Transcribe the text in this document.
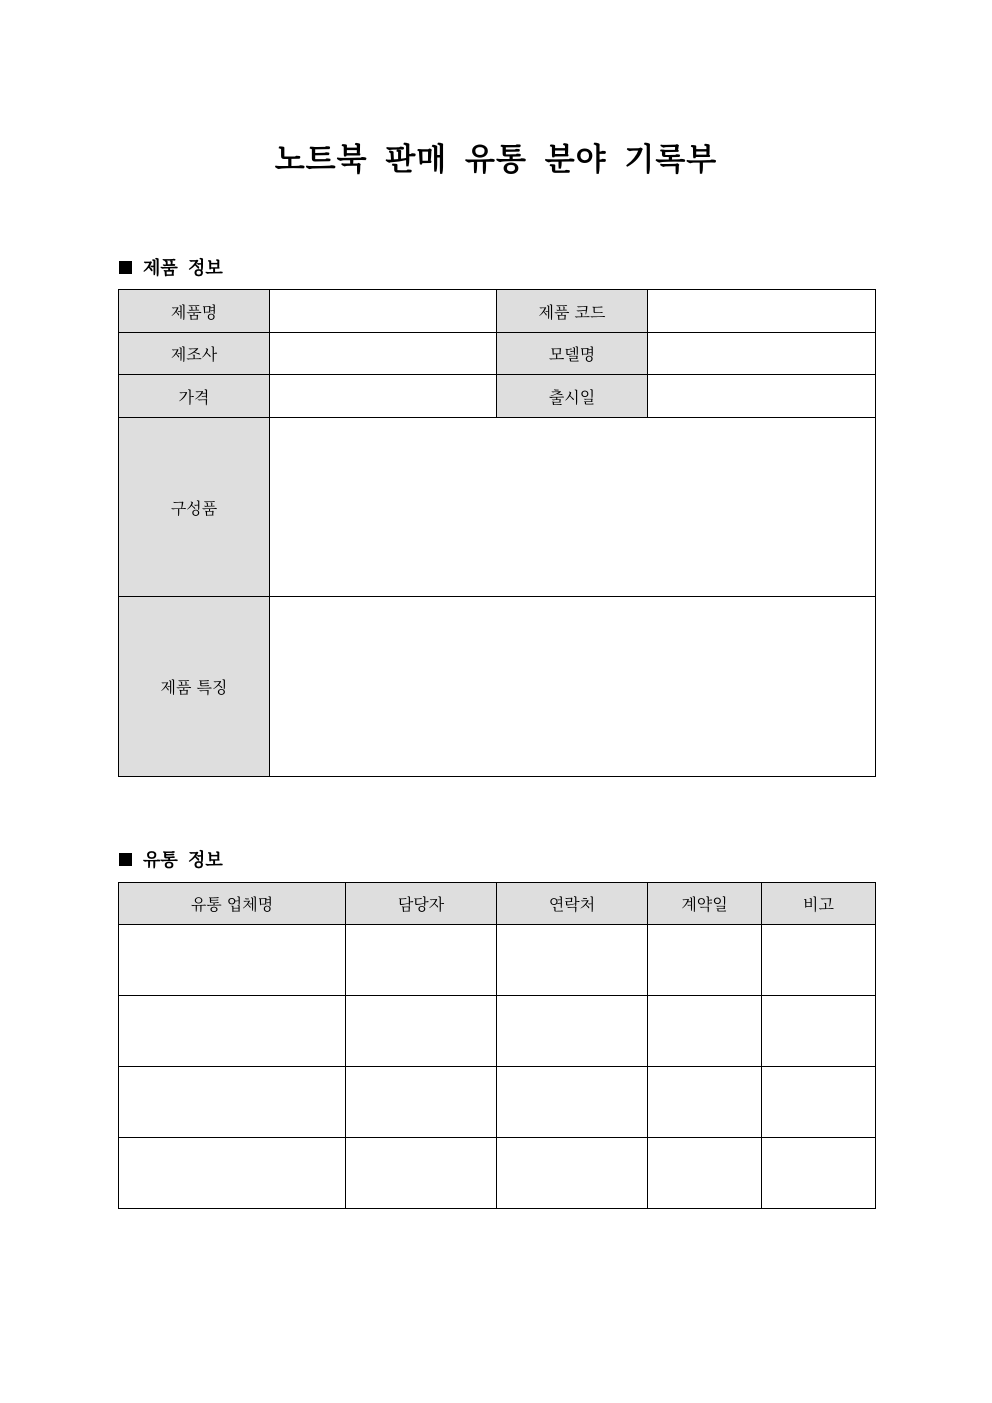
노트북 판매 유통 분야 기록부
제품 정보
제품명		제품 코드	
제조사		모델명	
가격		출시일	
구성품			
제품 특징			
유통 정보
유통 업체명	담당자	연락처	계약일	비고
